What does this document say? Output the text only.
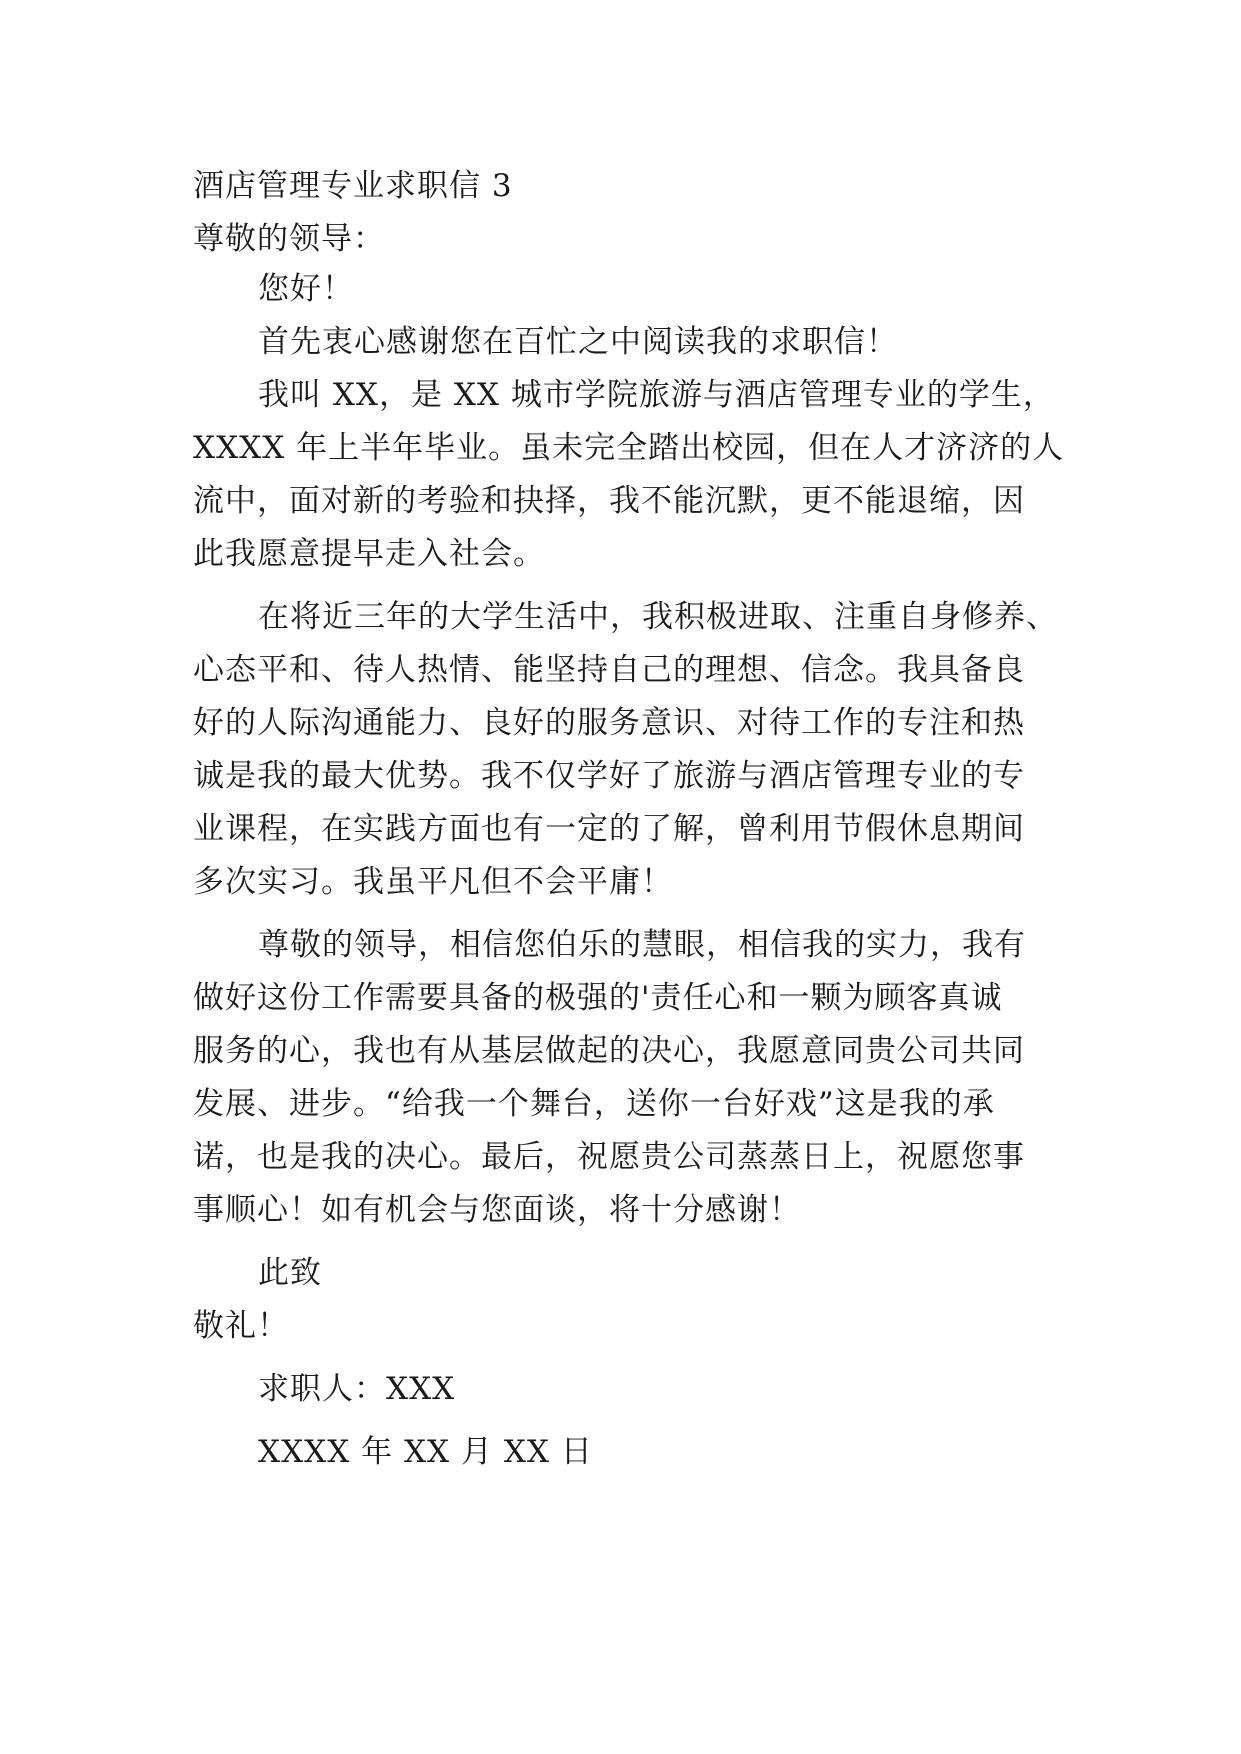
酒店管理专业求职信 3
尊敬的领导：
您好！
首先衷心感谢您在百忙之中阅读我的求职信！
我叫 XX，是 XX 城市学院旅游与酒店管理专业的学生，
XXXX 年上半年毕业。虽未完全踏出校园，但在人才济济的人
流中，面对新的考验和抉择，我不能沉默，更不能退缩，因
此我愿意提早走入社会。
在将近三年的大学生活中，我积极进取、注重自身修养、
心态平和、待人热情、能坚持自己的理想、信念。我具备良
好的人际沟通能力、良好的服务意识、对待工作的专注和热
诚是我的最大优势。我不仅学好了旅游与酒店管理专业的专
业课程，在实践方面也有一定的了解，曾利用节假休息期间
多次实习。我虽平凡但不会平庸！
尊敬的领导，相信您伯乐的慧眼，相信我的实力，我有
做好这份工作需要具备的极强的'责任心和一颗为顾客真诚
服务的心，我也有从基层做起的决心，我愿意同贵公司共同
发展、进步。“给我一个舞台，送你一台好戏”这是我的承
诺，也是我的决心。最后，祝愿贵公司蒸蒸日上，祝愿您事
事顺心！如有机会与您面谈，将十分感谢！
此致
敬礼！
求职人：XXX
XXXX 年 XX 月 XX 日
